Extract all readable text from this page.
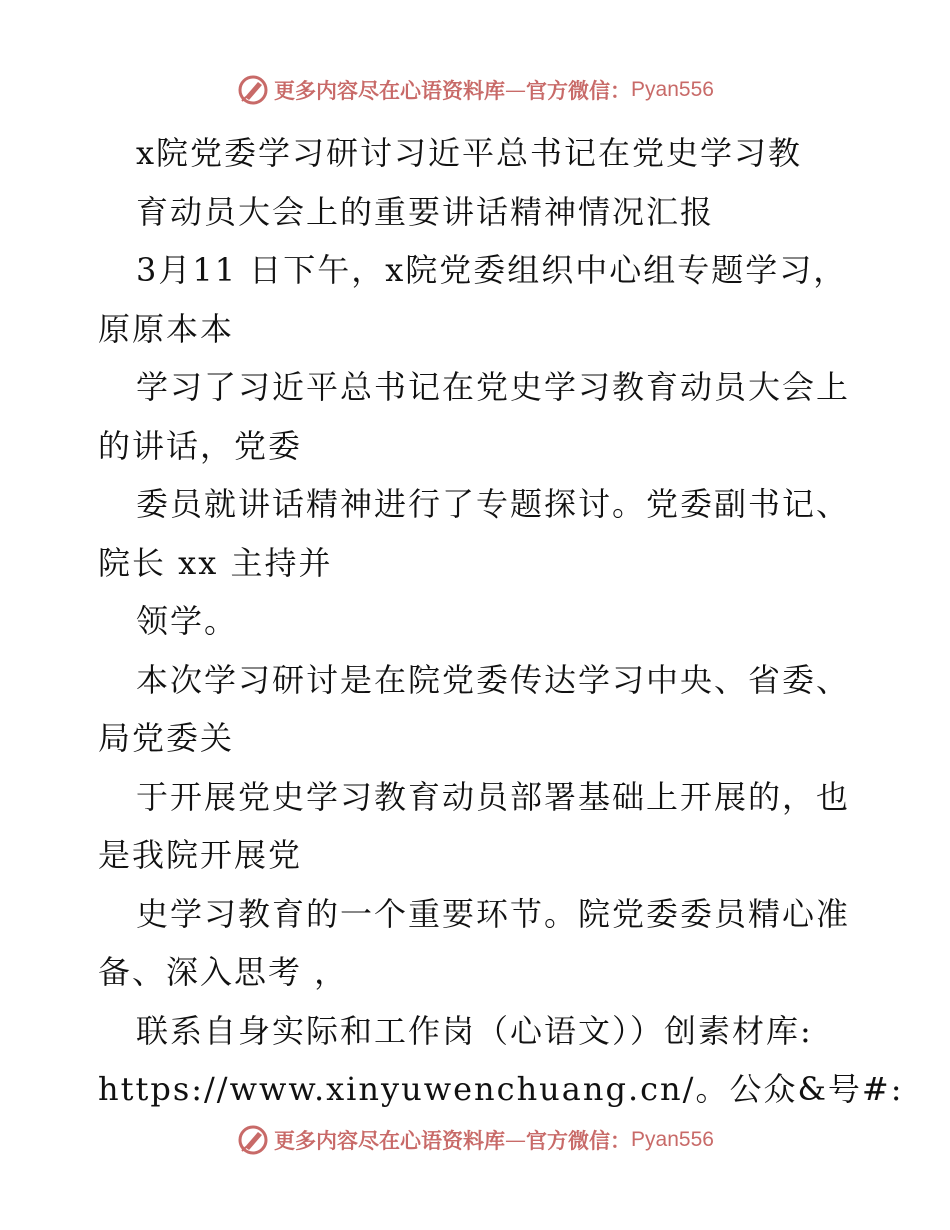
更多内容尽在心语资料库 — 官方微信： Pyan556
x院党委学习研讨习近平总书记在党史学习教
育动员大会上的重要讲话精神情况汇报
3月11 日下午，x院党委组织中心组专题学习，
原原本本
学习了习近平总书记在党史学习教育动员大会上
的讲话，党委
委员就讲话精神进行了专题探讨。党委副书记、
院长 xx 主持并
领学。
本次学习研讨是在院党委传达学习中央、省委、
局党委关
于开展党史学习教育动员部署基础上开展的，也
是我院开展党
史学习教育的一个重要环节。院党委委员精心准
备、深入思考 ，
联系自身实际和工作岗（心语文））创素材库:
https://www.xinyuwenchuang.cn/。公众&号#:
更多内容尽在心语资料库 — 官方微信： Pyan556
